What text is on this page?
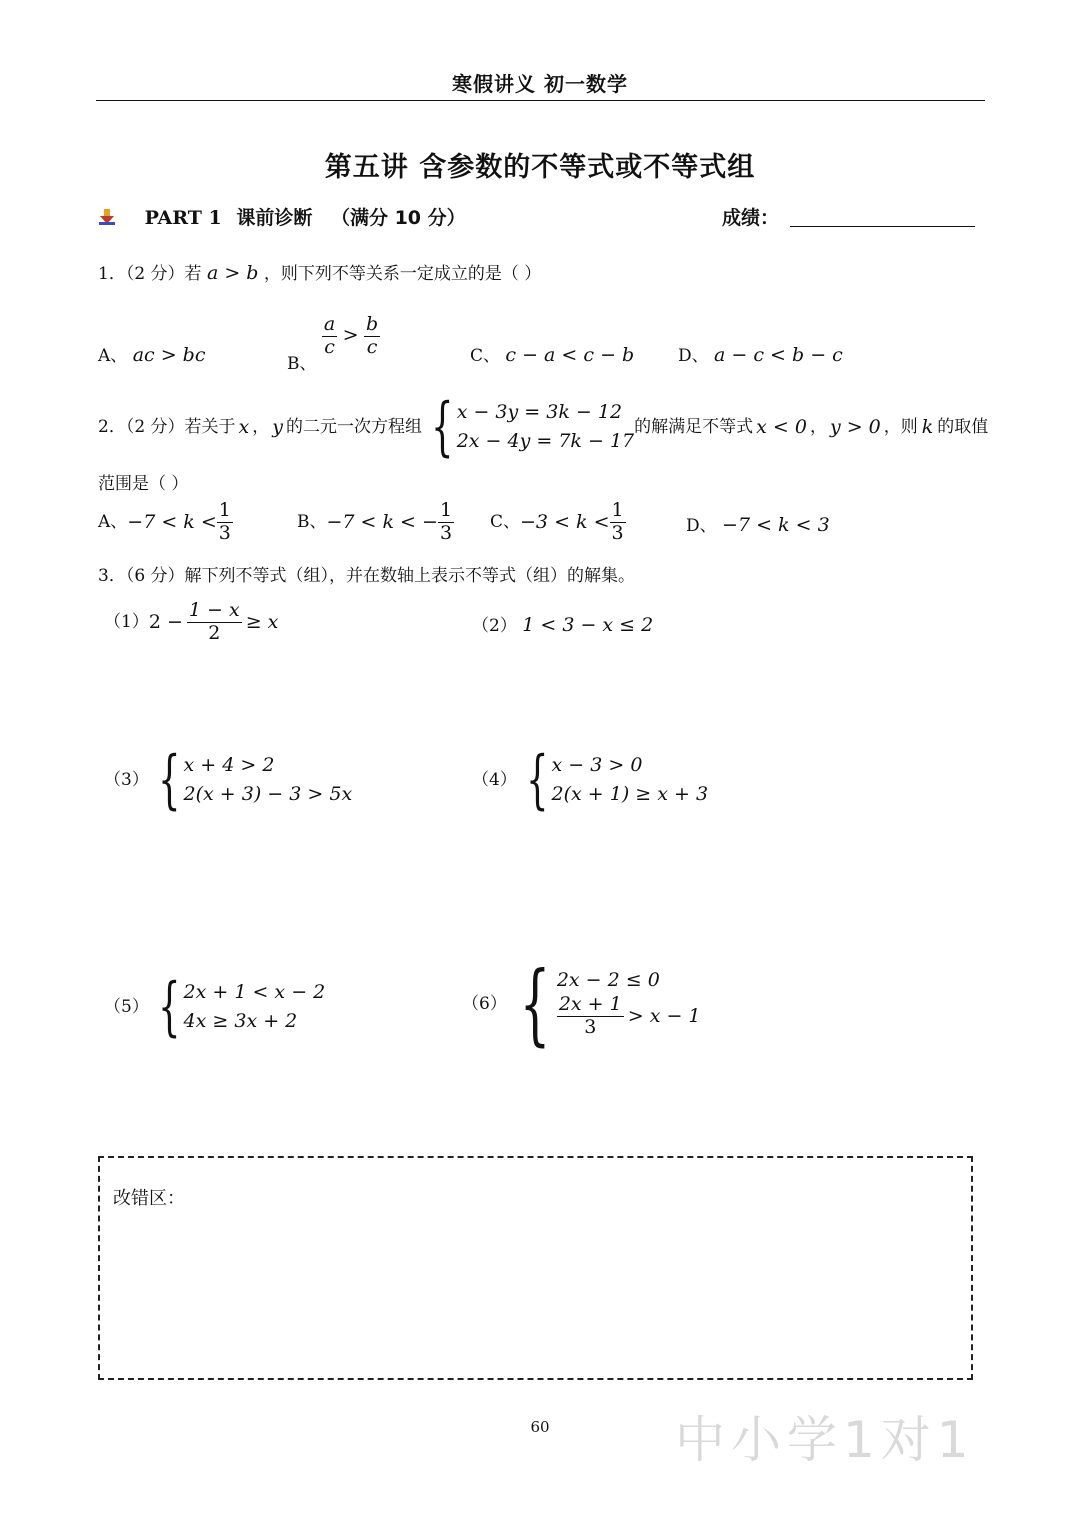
寒假讲义 初一数学
第五讲 含参数的不等式或不等式组
PART 1 课前诊断 （满分 10 分）	成绩：
1．（2 分）若 a > b ，则下列不等关系一定成立的是（ ）
A、 ac > bc	B、
$\frac{a}{c} > \frac{b}{c}$	C、 c − a < c − b	D、 a − c < b − c
2．（2 分）若关于 x ， y 的二元一次方程组 { x − 3y = 3k − 12
2x − 4y = 7k − 17
的解满足不等式 x < 0 ， y > 0 ，则 k 的取值
范围是（ ）
A、 $-7 < k < \frac{1}{3}$	B、 −7 < k < − $\frac{1}{3}$ C、 $-3 < k < \frac{1}{3}$	D、 −7 < k < 3
3．（6 分）解下列不等式（组），并在数轴上表示不等式（组）的解集。
（1） $2 - \frac{1 - x}{2} \ge x$	（2） 1 < 3 − x ≤ 2
（3） { x + 4 > 2
2(x + 3) − 3 > 5x
（4） { x − 3 > 0
2(x + 1) ≥ x + 3
（5） { 2x + 1 < x − 2
4x ≥ 3x + 2
（6） { 2x − 2 ≤ 0
$\frac{2x + 1}{3} > x - 1$
改错区：
60	中小学1对1
